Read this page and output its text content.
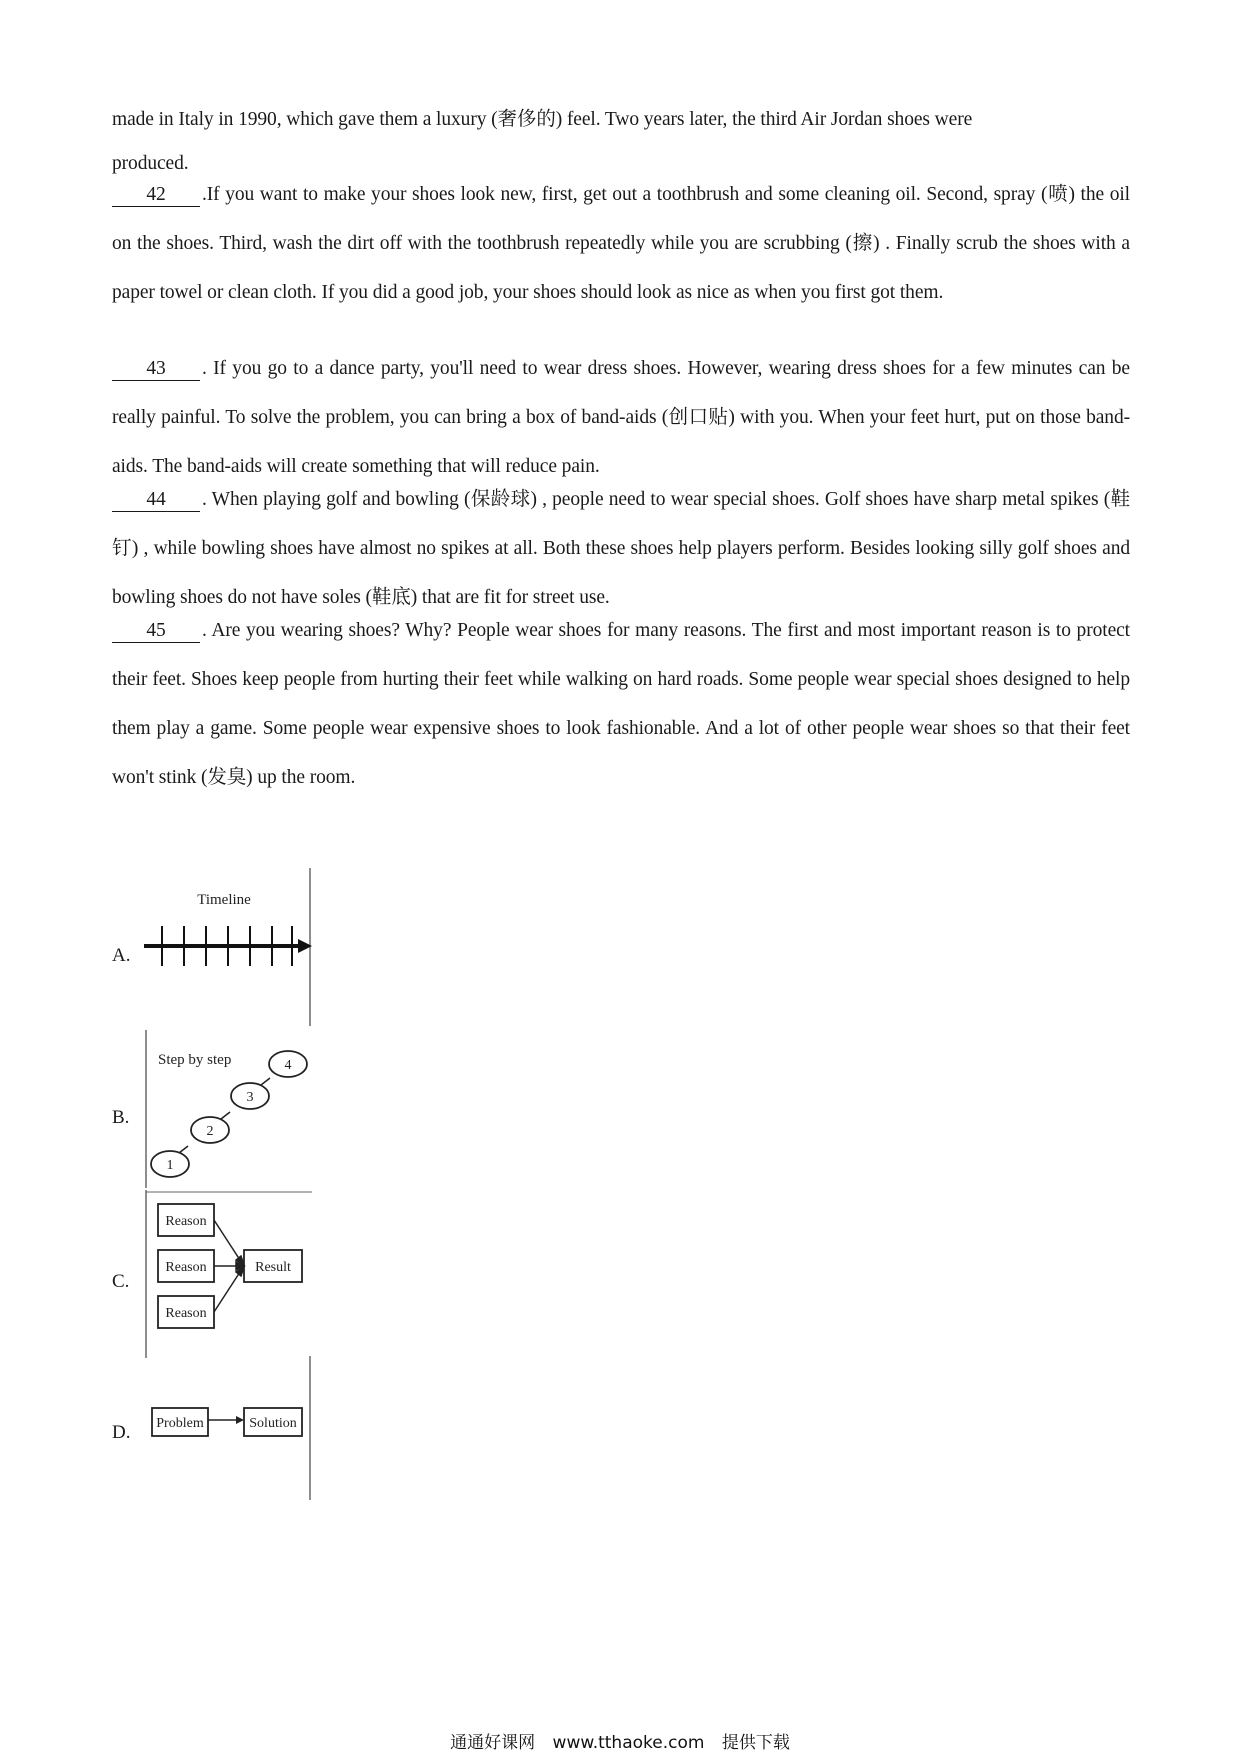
made in Italy in 1990, which gave them a luxury (奢侈的) feel. Two years later, the third Air Jordan shoes were
produced.
42 .If you want to make your shoes look new, first, get out a toothbrush and some cleaning oil. Second, spray (喷) the oil on the shoes. Third, wash the dirt off with the toothbrush repeatedly while you are scrubbing (擦) . Finally scrub the shoes with a paper towel or clean cloth. If you did a good job, your shoes should look as nice as when you first got them.
43 . If you go to a dance party, you'll need to wear dress shoes. However, wearing dress shoes for a few minutes can be really painful. To solve the problem, you can bring a box of band-aids (创口贴) with you. When your feet hurt, put on those band-aids. The band-aids will create something that will reduce pain.
44 . When playing golf and bowling (保龄球) , people need to wear special shoes. Golf shoes have sharp metal spikes (鞋钉) , while bowling shoes have almost no spikes at all. Both these shoes help players perform. Besides looking silly golf shoes and bowling shoes do not have soles (鞋底) that are fit for street use.
45 . Are you wearing shoes? Why? People wear shoes for many reasons. The first and most important reason is to protect their feet. Shoes keep people from hurting their feet while walking on hard roads. Some people wear special shoes designed to help them play a game. Some people wear expensive shoes to look fashionable. And a lot of other people wear shoes so that their feet won't stink (发臭) up the room.
A.
Timeline
B.
Step by step
1
2
3
4
C.
Reason
Reason
Reason
Result
D. Problem	Solution
通通好课网 www.tthaoke.com 提供下载
